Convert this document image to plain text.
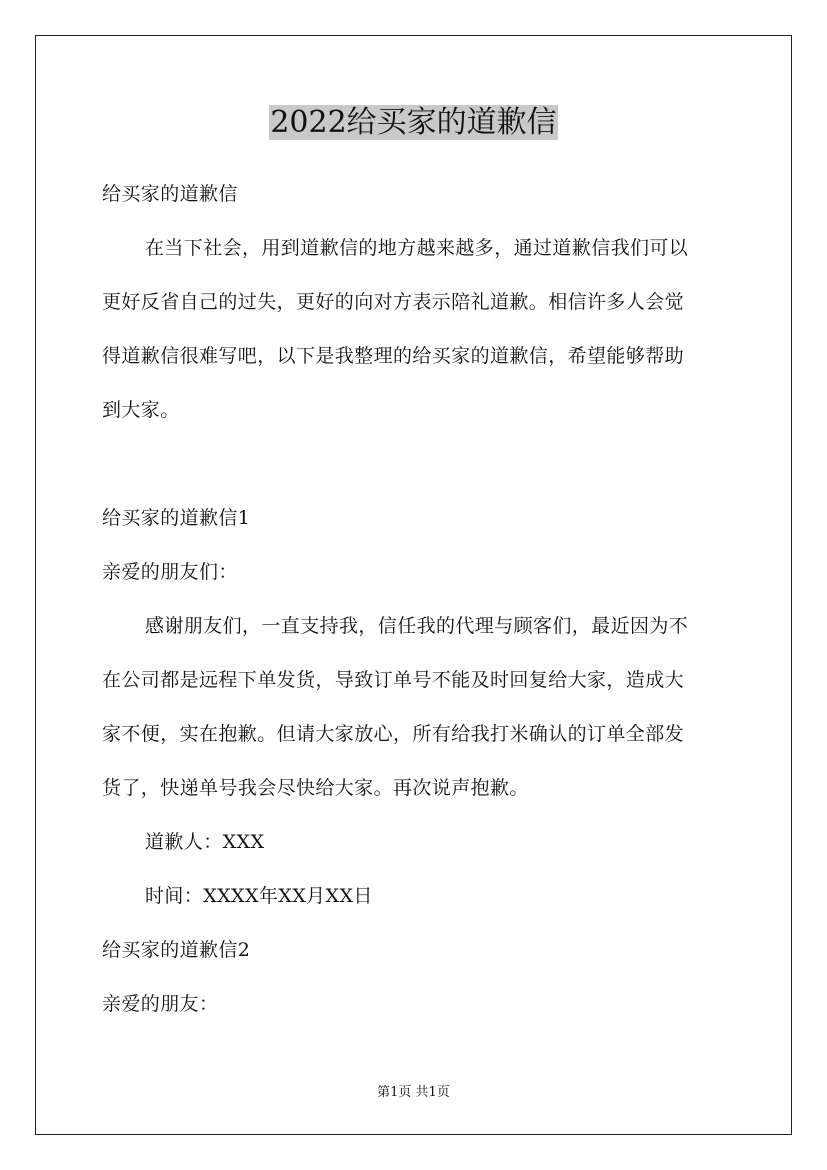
2022给买家的道歉信
给买家的道歉信
在当下社会，用到道歉信的地方越来越多，通过道歉信我们可以
更好反省自己的过失，更好的向对方表示陪礼道歉。相信许多人会觉
得道歉信很难写吧，以下是我整理的给买家的道歉信，希望能够帮助
到大家。
给买家的道歉信1
亲爱的朋友们：
感谢朋友们，一直支持我，信任我的代理与顾客们，最近因为不
在公司都是远程下单发货，导致订单号不能及时回复给大家，造成大
家不便，实在抱歉。但请大家放心，所有给我打米确认的订单全部发
货了，快递单号我会尽快给大家。再次说声抱歉。
道歉人：XXX
时间：XXXX年XX月XX日
给买家的道歉信2
亲爱的朋友：
第1页 共1页
